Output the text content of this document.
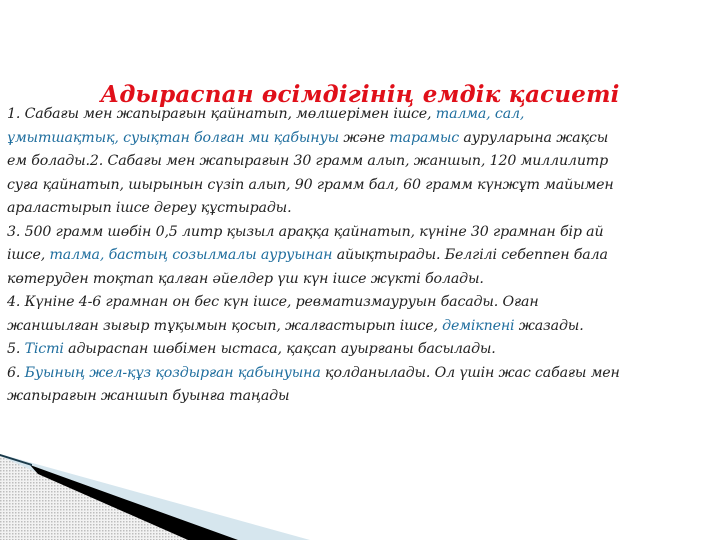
Адыраспан өсімдігінің емдік қасиеті
1. Сабағы мен жапырағын қайнатып, мөлшерімен ішсе, талма, сал,
ұмытшақтық, суықтан болған ми қабынуы және тарамыс ауруларына жақсы
ем болады.2. Сабағы мен жапырағын 30 грамм алып, жаншып, 120 миллилитр
суға қайнатып, шырынын сүзіп алып, 90 грамм бал, 60 грамм күнжұт майымен
араластырып ішсе дереу құстырады.
3. 500 грамм шөбін 0,5 литр қызыл араққа қайнатып, күніне 30 грамнан бір ай
ішсе, талма, бастың созылмалы ауруынан айықтырады. Белгілі себеппен бала
көтеруден тоқтап қалған әйелдер үш күн ішсе жүкті болады.
4. Күніне 4-6 грамнан он бес күн ішсе, ревматизмауруын басады. Оған
жаншылған зығыр тұқымын қосып, жалғастырып ішсе, демікпені жазады.
5. Тісті адыраспан шөбімен ыстаса, қақсап ауырғаны басылады.
6. Буының жел-құз қоздырған қабынуына қолданылады. Ол үшін жас сабағы мен
жапырағын жаншып буынға таңады
